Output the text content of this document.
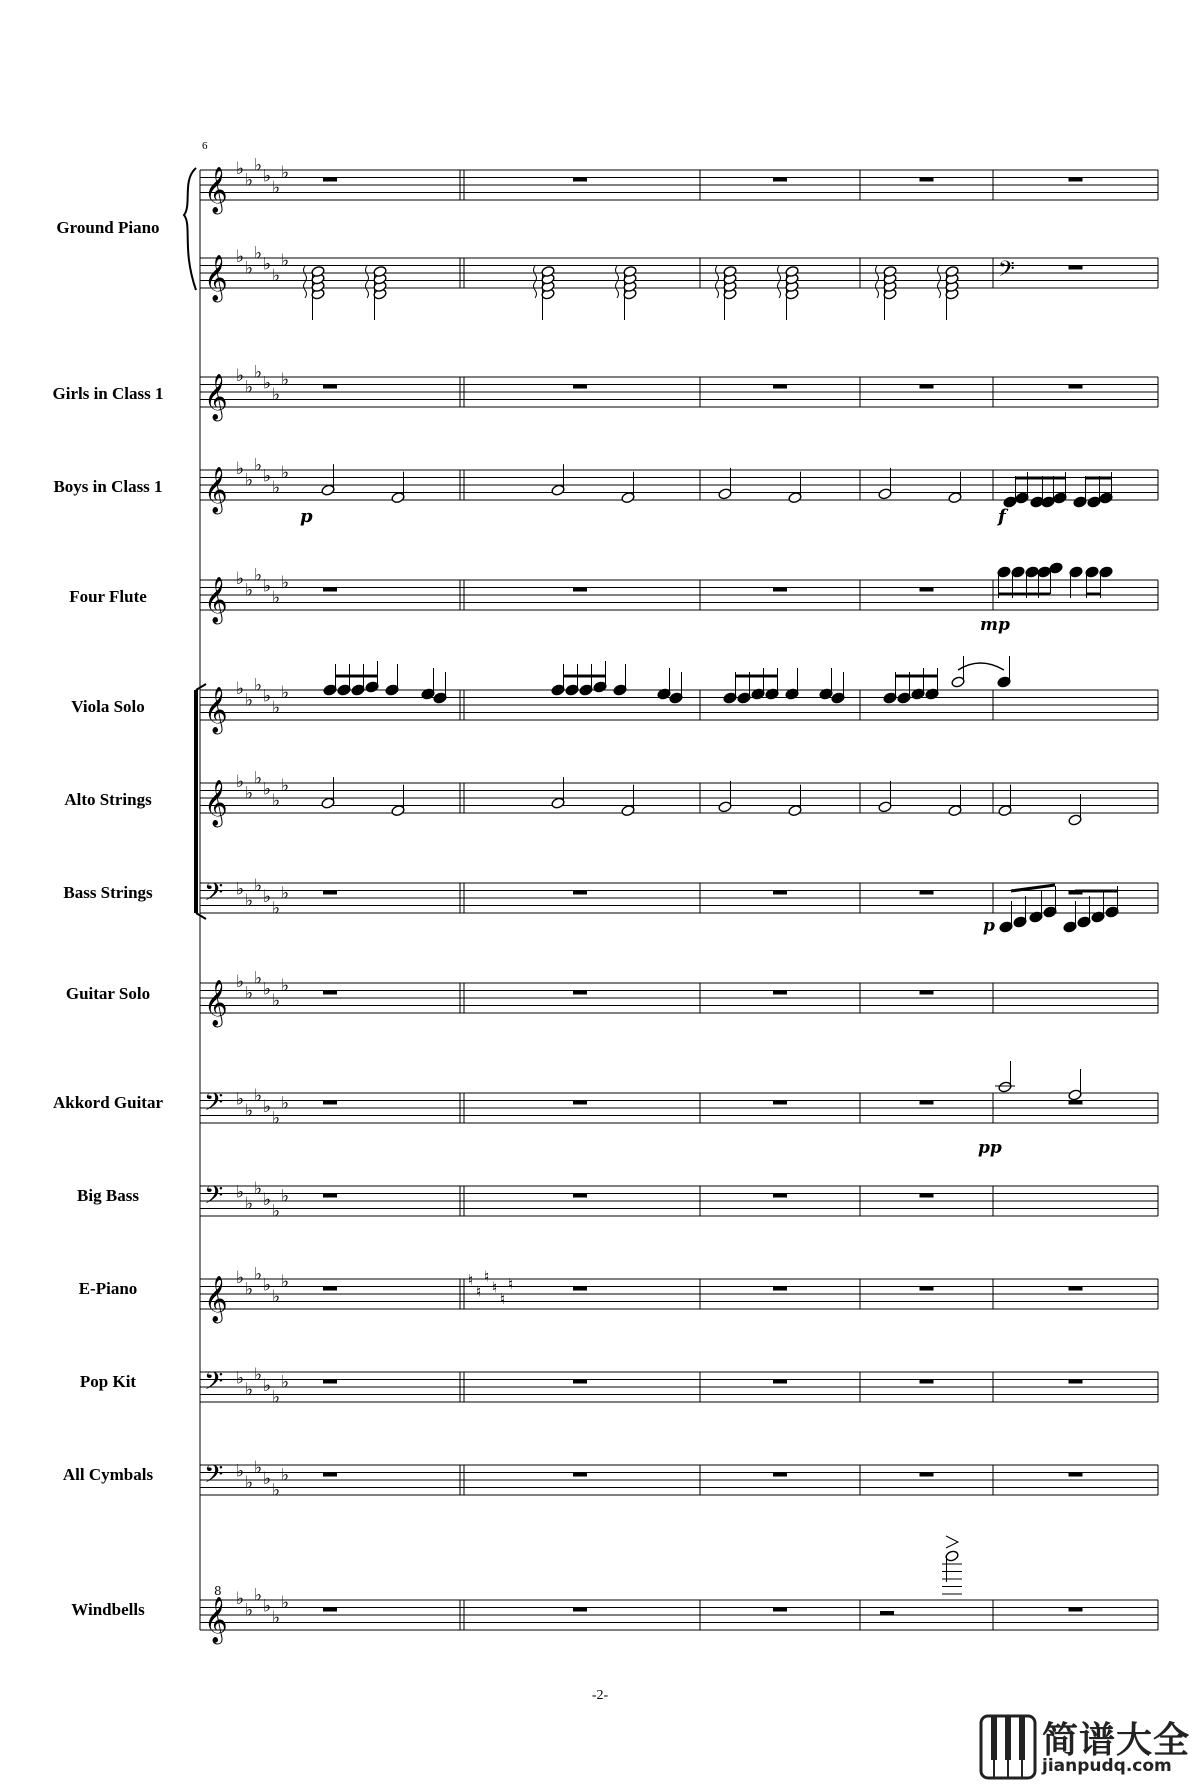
𝄞 ♭
♭
♭
♭
♭
♭
𝄞 ♭
♭
♭
♭
♭
♭
𝄞 ♭
♭
♭
♭
♭
♭
𝄞 ♭
♭
♭
♭
♭
♭
𝄞 ♭
♭
♭
♭
♭
♭
𝄞 ♭
♭
♭
♭
♭
♭
𝄞 ♭
♭
♭
♭
♭
♭
𝄢 ♭
♭
♭
♭
♭
♭
𝄞 ♭
♭
♭
♭
♭
♭
𝄢 ♭
♭
♭
♭
♭
♭
𝄢 ♭
♭
♭
♭
♭
♭
𝄞 ♭
♭
♭
♭
♭
♭
𝄢 ♭
♭
♭
♭
♭
♭
𝄢 ♭
♭
♭
♭
♭
♭
𝄞 ♭
♭
♭
♭
♭
♭
𝄢
p	f
mp
p
pp
♮
♮
♮
♮
♮
♮
8
6
Ground Piano
Girls in Class 1
Boys in Class 1
Four Flute
Viola Solo
Alto Strings
Bass Strings
Guitar Solo
Akkord Guitar
Big Bass
E-Piano
Pop Kit
All Cymbals
Windbells
-2-
简谱大全
jianpudq.com
